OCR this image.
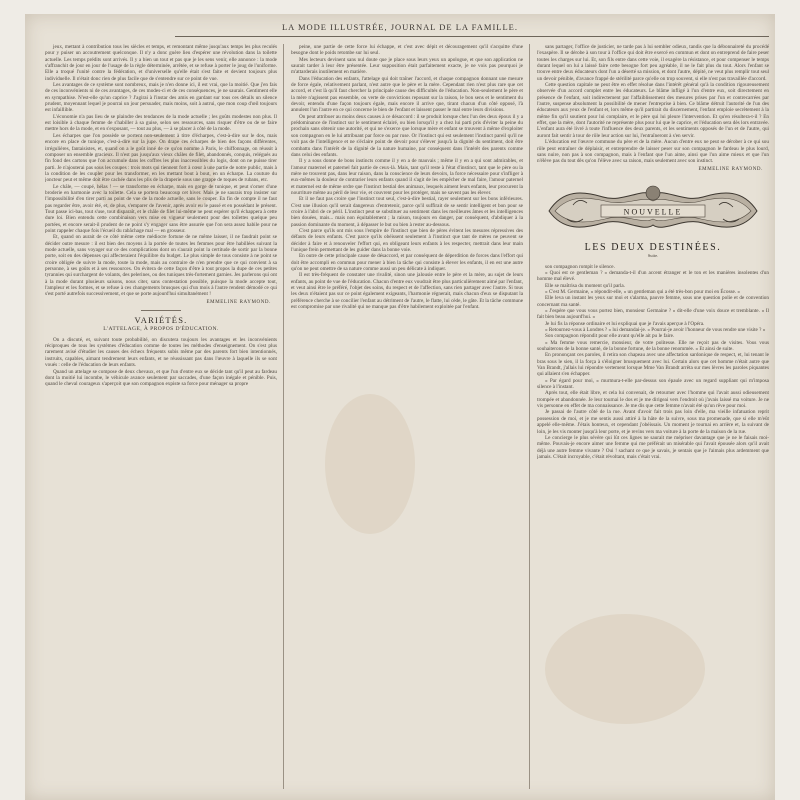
LA MODE ILLUSTRÉE, JOURNAL DE LA FAMILLE.

jeux, mettant à contribution tous les siècles et temps, et remontant même jusqu'aux temps les plus reculés pour y puiser un accoutrement quelconque. Il n'y a donc guère lieu d'espérer une révolution dans la toilette actuelle. Les temps prédits sont arrivés. Il y a bien un tout et pas que je les sens venir, elle annonce : la mode s'affranchit de jour en jour de l'usage de la règle déterminée, arrêtée, et se refuse à porter le joug de l'uniforme. Elle a troqué l'unité contre la fédération, et d'universelle qu'elle était s'est faite et devient toujours plus individuelle. Il n'était donc rien de plus facile que de s'entendre sur ce point de vue.

Les avantages de ce système sont nombreux, mais je n'en donne ici, il est vrai, que la moitié. Que j'en fais de ces inconvénients ni de ces avantages, de ces modes-ci et de ces conséquences, je ne saurais. Gentiment elle en sympathise. N'est-elle qu'un caprice ? J'agirai à l'instar des amis en gardant sur tous ces détails un silence prudent, moyennant lequel je pourrai un jour persuader, mais moins, soit à autrui, que mon coup d'œil toujours est infaillible.

L'économie n'a pas lieu de se plaindre des tendances de la mode actuelle ; les goûts modestes non plus. Il est loisible à chaque femme de s'habiller à sa guise, selon ses ressources, sans risquer d'être ou de se faire mettre hors de la mode, et en s'exposant, — tout au plus, — à se placer à côté de la mode.

Les écharpes que l'on possède se portent non-seulement à titre d'écharpes, c'est-à-dire sur le dos, mais encore en place de tunique, c'est-à-dire sur la jupe. On drape ces écharpes de bien des façons différentes, irrégulières, fantaisistes, et, quand on a le goût inné de ce qu'on nomme à Paris, le chiffonnage, on réussit à composer un ensemble gracieux. Il n'est pas jusqu'aux vieux châles de filet, abandonnés, conquis, relégués au fin fond des cartons que l'on accumule dans les coffres les plus inaccessibles du logis, dont on ne puisse tirer parti. Je n'ajouterai pas sous les coupes : trois mots qui tiennent fort à cœur à une partie de notre public, mais à la condition de les coupler pour les transformer, en les mettant bout à bout, en un écharpe. La couture du joncteur peut et même doit être cachée dans les plis de la draperie sous une grappe de toques de rubans, etc.

Le châle, — coupé, hélas ! — se transforme en écharpe, mais en gorge de tunique, et peut s'orner d'une broderie en harmonie avec la toilette. Cela se portera beaucoup cet hiver. Mais je ne saurais trop insister sur l'impossibilité d'en tirer parti au point de vue de la mode actuelle, sans le couper. En fin de compte il ne faut pas regarder être, avoir été, et, de plus, s'emparer de l'avenir, après avoir eu le passé et en possédant le présent. Tout passe ici-bas, tout s'use, tout disparaît, et le châle de filet lui-même ne peut espérer qu'il échappera à cette dure loi. Bien entendu cette combinaison vers mise en vigueur seulement pour des toilettes quelque peu portées, et encore serait-il prudent de ne point s'y engager sans être assurée que l'on sera assez habile pour ne point rappeler chaque fois l'écueil du rabâchage mal — en grosseur.

Et, quand on aurait de ce côté même cette médiocre fortune de ne même laisser, il ne faudrait point se décider outre mesure : il est bien des moyens à la portée de toutes les femmes pour être habillées suivant la mode actuelle, sans voyager sur ce des complications dont on s'aurait point la certitude de sortir par la bonne porte, soit en des dépenses qui affecteraient l'équilibre du budget. Le plus simple de tous consiste à ne point se croire obligée de suivre la mode, toute la mode, mais au contraire de n'en prendre que ce qui convient à sa personne, à ses goûts et à ses ressources. On évitera de cette façon d'être à tout propos la dupe de ces petites tyrannies qui surchargent de volants, des pelerines, ou des tuniques très-fortement garnies. Jes parlerons qui ont à la mode durant plusieurs saisons, nous citer, sans contestation possible, puisque la mode accepte tout, l'ampleur et les formes, et se refuse à ces changements brusques qui d'un mois à l'autre rendent démodé ce qui s'est porté autrefois successivement, et que se porte aujourd'hui simultanément !

EMMELINE RAYMOND.
VARIÉTÉS.
L'ATTELAGE, À PROPOS D'ÉDUCATION.

On a discuté, et, suivant toute probabilité, on discutera toujours les avantages et les inconvénients réciproques de tous les systèmes d'éducation comme de toutes les méthodes d'enseignement. On s'est plus rarement avisé d'étudier les causes des échecs fréquents subis même par des parents fort bien intentionnés, instruits, capables, aimant tendrement leurs enfants, et ne réussissant pas dans l'œuvre à laquelle ils se sont voués : celle de l'éducation de leurs enfants.

Quand un attelage se compose de deux chevaux, et que l'un d'entre eux se décide tant qu'il peut au fardeau dont la moitié lui incombe, le véhicule avance seulement par saccades, d'une façon inégale et pénible. Puis, quand le cheval courageux s'aperçoit que son compagnon expiste sa force pour ménager sa propre

peine, une partie de cette force lui échappe, et c'est avec dépit et découragement qu'il s'acquitte d'une besogne dont le poids retombe sur lui seul.

Mes lecteurs devinent sans nul doute que je place sous leurs yeux un apologue, et que son application ne saurait tarder à leur être présentée. Leur supposition était parfaitement exacte, je ne vois pas pourquoi je m'attarderais inutilement en matière.

Dans l'éducation des enfants, l'attelage qui doit traîner l'accord, et chaque compagnon donnant une mesure de force égale, relativement parlant, n'est autre que le père et la mère. Cependant rien n'est plus rare que cet accord, et c'est là qu'il faut chercher la principale cause des difficultés de l'éducation. Non-seulement le père et la mère n'agissent pas ensemble, ou verte de convictions reposant sur la raison, le bon sens et le sentiment du devoir, entendu d'une façon toujours égale, mais encore il arrive que, tirant chacun d'un côté opposé, l'à annulent l'un l'autre en ce qui concerne le bien de l'enfant et laissent passer le mal entre leurs divisions.

On peut attribuer au moins deux causes à ce désaccord : il se produit lorsque chez l'un des deux époux il y a prédominance de l'instinct sur le sentiment éclairé, ou bien lorsqu'il y a chez lui parti pris d'éviter la peine du prochain sans obtenir une autorité, et qui ne s'exerce que lorsque mère et enfant se trouvent à même d'exploiter son compagnon en le lui attribuant par force ou par ruse. Or l'instinct qui est seulement l'instinct pareil qu'il ne voit pas de l'intelligence et ne s'éclaire point de devoir pour s'élever jusqu'à la dignité du sentiment, doit être combattu dans l'intérêt de la dignité de la nature humaine, par conséquent dans l'intérêt des parents comme dans celui des enfants.

Il y a sous donne de bons instincts comme il y en a de mauvais ; même il y en a qui sont admirables, et l'amour maternel et paternel fait partie de ceux-là. Mais, tant qu'il reste à l'état d'instinct, tant que le père ou la mère ne trouvent pas, dans leur raison, dans la conscience de leurs devoirs, la force nécessaire pour s'infliger à eux-mêmes la douleur de contrarier leurs enfants quand il s'agit de les empêcher de mal faire, l'amour paternel et maternel est de même ordre que l'instinct bestial des animaux, lesquels aiment leurs enfants, leur procurent la nourriture même au péril de leur vie, et couvrent pour les protéger, mais ne savent pas les élever.

Et il ne faut pas croire que l'instinct tout seul, c'est-à-dire bestial, rayer seulement sur les bons inférieures. C'est une illusion qu'il serait dangereux d'entretenir, parce qu'il suffirait de se sentir intelligent et bon pour se croire à l'abri de ce péril. L'instinct peut se substituer au sentiment dans les meilleures âmes et les intelligences bien douées, mais... mais non équitablement ; la raison, toujours en danger, par conséquent, d'abdiquer à la passion dominante du moment, à dépasser le but ou bien à rester au-dessous.

C'est parce qu'ils ont mis sous l'empire de l'instinct que bien de pères évitent les mesures répressives des défauts de leurs enfants. C'est parce qu'ils obéissent seulement à l'instinct que tant de mères ne peuvent se décider à faire et à renouveler l'effort qui, en obligeant leurs enfants à les respecter, mettrait dans leur main l'unique frein permettant de les guider dans la bonne voie.

En outre de cette principale cause de désaccord, et par conséquent de déperdition de forces dans l'effort qui doit être accompli en commun pour mener à bien la tâche qui consiste à élever les enfants, il en est une autre qu'on ne peut omettre de sa nature comme aussi un peu délicate à indiquer.

Il est très-fréquent de constater une rivalité, sinon une jalousie entre le père et la mère, au sujet de leurs enfants, au point de vue de l'éducation. Chacun d'entre eux voudrait être plus particulièrement aimé par l'enfant, et veut ainsi être le préféré, l'objet des soins, du respect et de l'affection, sans rien partager avec l'autre. Si tous les deux n'étaient pas sur ce point également exigeants, l'harmonie régnerait, mais chacun d'eux se disputant la préférence cherche à se concilier l'enfant au détriment de l'autre, le flatte, lui cède, le gâte. Et la tâche commune est compromise par une rivalité qui ne manque pas d'être habilement exploitée par l'enfant.

sans partager, l'office de justicier, ne tarde pas à lui sembler odieux, tandis que la débonnaireté du procédé l'exaspère. Il se dérobe à son tour à l'office qui doit être exercé en commun et dont on entreprend de faire peser toutes les charges sur lui. Et, son fils entre dans cette voie, il exagère la résistance, et pour compenser le temps durant lequel on lui a laissé faire cette besogne fort peu agréable, il ne le fait plus du tout. Alors l'enfant se trouve entre deux éducateurs dont l'un a déserté sa mission, et dont l'autre, dépité, ne veut plus remplir tout seul un devoir pénible, d'avance frappé de stérilité parce qu'elle on trop souvent, si elle n'est pas travaillée d'accord.

Cette question capitale ne peut être en effet résolue dans l'intérêt général qu'à la condition rigoureusement observée d'un accord complet entre les éducateurs. Le blâme infligé à l'un d'entre eux, soit directement en présence de l'enfant, soit indirectement par l'affaiblissement des mesures prises par l'un et contrecarrées par l'autre, suspense absolument la possibilité de mener l'entreprise à bien. Ce blâme détruit l'autorité de l'un des éducateurs aux yeux de l'enfant et, lors même qu'il partirait du discernement, l'enfant emploie secrètement à la même fin qu'il soutient pour lui complaire, et le père qui lui pleure l'intervention. Et qu'en résultera-t-il ? En effet, que la mère, dont l'autorité ne représente plus pour lui que le caprice, et l'éducation sera dès lors entravée. L'enfant aura été livré à toute l'influence des deux parents, et les sentiments opposés de l'un et de l'autre, qui auront fait sentir à tour de rôle leur action sur lui, l'entraîneront à s'en servir.

L'éducation est l'œuvre commune du père et de la mère. Aucun d'entre eux ne peut se dérober à ce qui sou rôle peut entraîner de déplaisir, et entreprendre de laisser peser sur son compagnon le fardeau le plus lourd, sans nuire, non pas à son compagnon, mais à l'enfant que l'un aime, ainsi que l'un aime mieux et que l'un n'élève pas du tout dès qu'on l'élève avec sa raison, mais seulement avec son instinct.

EMMELINE RAYMOND.
NOUVELLE
LES DEUX DESTINÉES.
Suite.

son compagnon rompit le silence.

« Quoi est ce gentleman ? » demanda-t-il d'un accent étranger et le ton et les manières insolentes d'un homme mal élevé.

Elle se maîtrisa du moment qu'il parla.

« C'est M. Germaine, » répondit-elle, « un gentleman qui a été très-bon pour moi en Écosse. »

Elle leva un instant les yeux sur moi et s'alarma, pauvre femme, sous une question polie et de convention concernant ma santé.

« J'espère que vous vous portez bien, monsieur Germaine ? » dit-elle d'une voix douce et tremblante. « Il fait bien beau aujourd'hui. »

Je lui fis la réponse ordinaire et lui expliquai que je l'avais aperçue à l'Opéra.

« Retournez-vous à Londres ? » lui demandai-je. « Pourrai-je avoir l'honneur de vous rendre une visite ? »

Son compagnon répondit pour elle avant qu'elle ait pu le faire.

« Ma femme vous remercie, monsieur, de votre politesse. Elle ne reçoit pas de visites. Vous vous souhaiterons de la bonne santé, de la bonne fortune, de la bonne renommée. » Et ainsi de suite.

En prononçant ces paroles, il retira son chapeau avec une affectation sardonique de respect, et, lui tenant le bras sous le sien, il la força à s'éloigner brusquement avec lui. Certain alors que cet homme n'était autre que Van Brandt, j'allais lui répondre vertement lorsque Mme Van Brandt arrêta sur mes lèvres les paroles piquantes qui allaient s'en échapper.

« Par égard pour moi, » murmura-t-elle par-dessus son épaule avec un regard suppliant qui m'imposa silence à l'instant.

Après tout, elle était libre, et cela lui convenait, de retourner avec l'homme qui l'avait aussi odieusement trompée et abandonnée. Je leur tournai le dos et je me dirigeai vers l'endroit où j'avais laissé ma voiture. Je ne vis personne en effet de ma connaissance. Je me dis que cette femme n'avait été qu'un rêve pour moi.

Je passai de l'autre côté de la rue. Avant d'avoir fait trois pas loin d'elle, ma vieille infatuation reprit possession de moi, et je me sentis aussi attiré à la hâte de la suivre, sous ma promenade, que si elle m'eût appelé elle-même. J'étais honteux, et cependant j'obéissais. Un moment je tournai en arrière et, la suivant de loin, je les vis monter jusqu'à leur porte, et je revins vers ma voiture à la porte de la maison de la rue.

Le concierge le plus sévère qui lût ces lignes ne saurait me mépriser davantage que je ne le faisais moi-même. Pouvais-je encore aimer une femme qui me préférait un misérable qui l'avait épousée alors qu'il avait déjà une autre femme vivante ? Oui ! sachant ce que je savais, je sentais que je l'aimais plus ardemment que jamais. C'était incroyable, c'était révoltant, mais c'était vrai.
